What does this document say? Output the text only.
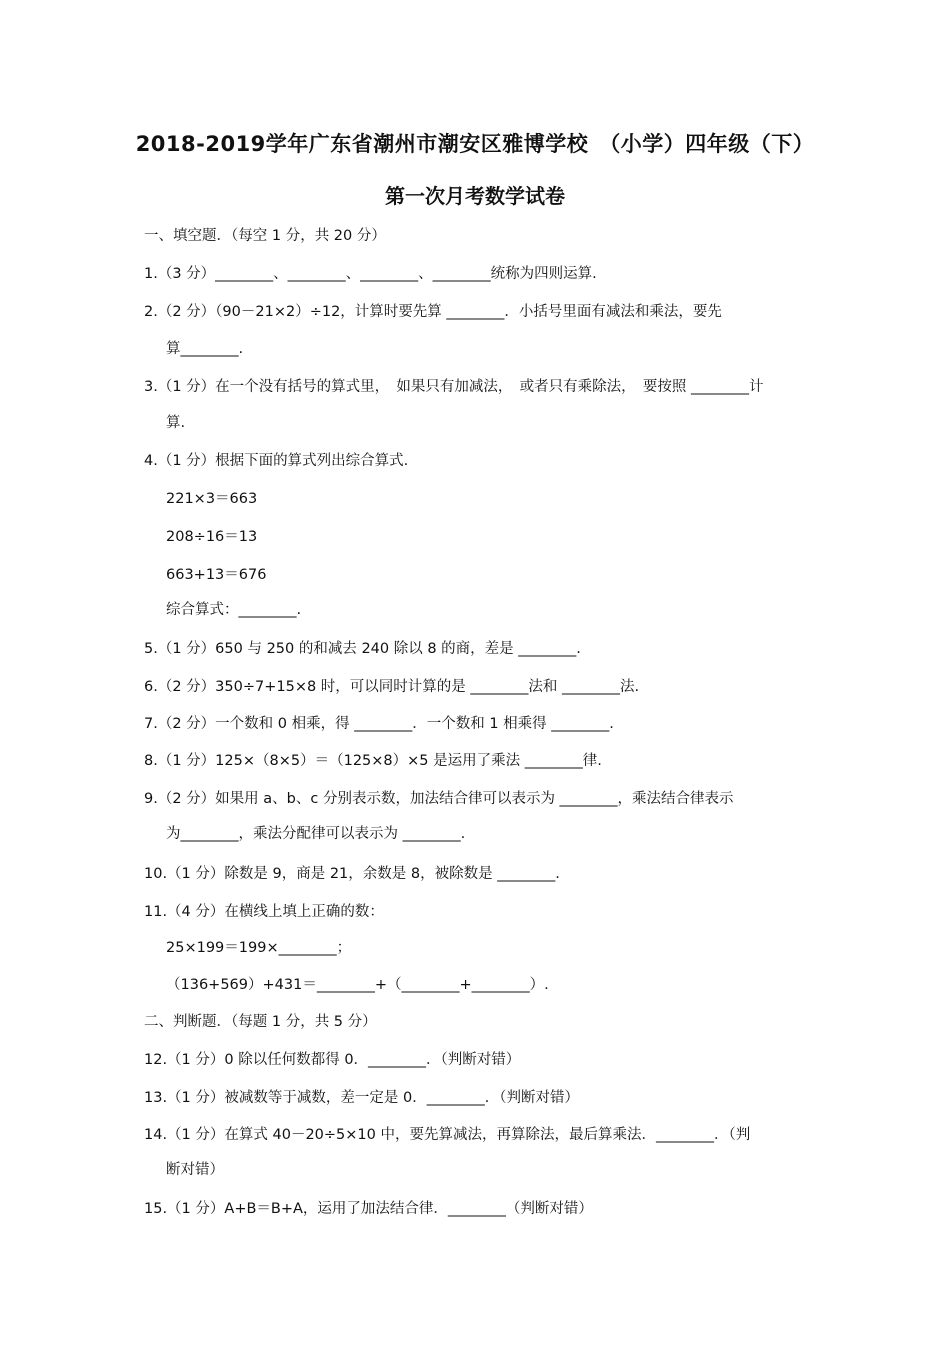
2018-2019学年广东省潮州市潮安区雅博学校　（小学）四年级（下）
第一次月考数学试卷
一、填空题．（每空 1 分，共 20 分）
1.（3 分）________、________、________、________统称为四则运算.
2.（2 分）（90－21×2）÷12，计算时要先算 ________．小括号里面有减法和乘法，要先
算________.
3.（1 分）在一个没有括号的算式里，　如果只有加减法，　或者只有乘除法，　要按照 ________计
算.
4.（1 分）根据下面的算式列出综合算式.
221×3＝663
208÷16＝13
663+13＝676
综合算式：________.
5.（1 分）650 与 250 的和减去 240 除以 8 的商，差是 ________.
6.（2 分）350÷7+15×8 时，可以同时计算的是 ________法和 ________法.
7.（2 分）一个数和 0 相乘，得 ________．一个数和 1 相乘得 ________.
8.（1 分）125×（8×5）＝（125×8）×5 是运用了乘法 ________律.
9.（2 分）如果用 a、b、c 分别表示数，加法结合律可以表示为 ________，乘法结合律表示
为________，乘法分配律可以表示为 ________.
10.（1 分）除数是 9，商是 21，余数是 8，被除数是 ________.
11.（4 分）在横线上填上正确的数：
25×199＝199×________；
（136+569）+431＝________+（________+________）.
二、判断题．（每题 1 分，共 5 分）
12.（1 分）0 除以任何数都得 0．________．（判断对错）
13.（1 分）被减数等于减数，差一定是 0．________．（判断对错）
14.（1 分）在算式 40－20÷5×10 中，要先算减法，再算除法，最后算乘法．________．（判
断对错）
15.（1 分）A+B＝B+A，运用了加法结合律．________（判断对错）
